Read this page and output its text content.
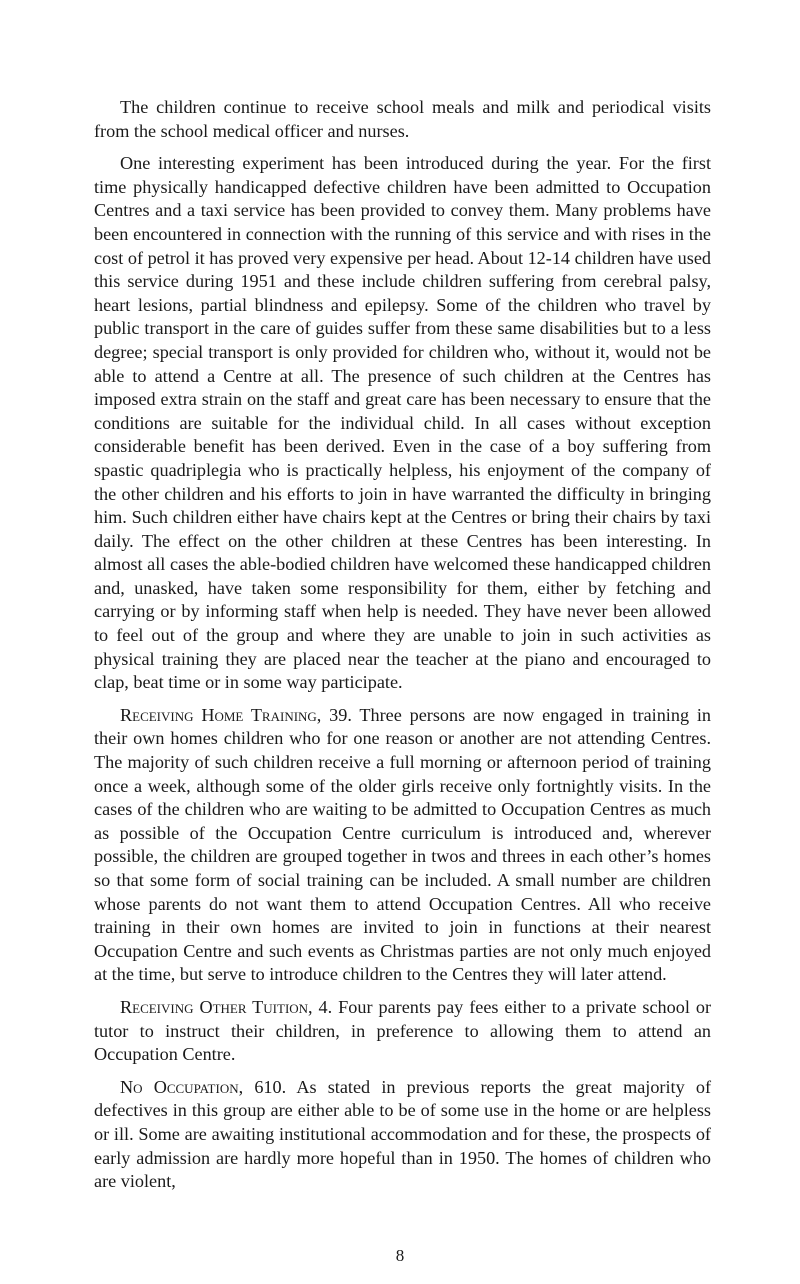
The children continue to receive school meals and milk and periodical visits from the school medical officer and nurses.

One interesting experiment has been introduced during the year. For the first time physically handicapped defective children have been admitted to Occupation Centres and a taxi service has been provided to convey them. Many problems have been encountered in connection with the running of this service and with rises in the cost of petrol it has proved very expensive per head. About 12-14 children have used this service during 1951 and these include children suffering from cerebral palsy, heart lesions, partial blindness and epilepsy. Some of the children who travel by public transport in the care of guides suffer from these same disabilities but to a less degree; special transport is only provided for children who, without it, would not be able to attend a Centre at all. The presence of such children at the Centres has imposed extra strain on the staff and great care has been necessary to ensure that the conditions are suitable for the individual child. In all cases without exception considerable benefit has been derived. Even in the case of a boy suffering from spastic quadriplegia who is practically helpless, his enjoyment of the company of the other children and his efforts to join in have warranted the difficulty in bringing him. Such children either have chairs kept at the Centres or bring their chairs by taxi daily. The effect on the other children at these Centres has been interesting. In almost all cases the able-bodied children have welcomed these handicapped children and, unasked, have taken some responsibility for them, either by fetching and carrying or by informing staff when help is needed. They have never been allowed to feel out of the group and where they are unable to join in such activities as physical training they are placed near the teacher at the piano and encouraged to clap, beat time or in some way participate.

Receiving Home Training, 39. Three persons are now engaged in training in their own homes children who for one reason or another are not attending Centres. The majority of such children receive a full morning or afternoon period of training once a week, although some of the older girls receive only fortnightly visits. In the cases of the children who are waiting to be admitted to Occupation Centres as much as possible of the Occupation Centre curriculum is introduced and, wherever possible, the children are grouped together in twos and threes in each other’s homes so that some form of social training can be included. A small number are children whose parents do not want them to attend Occupation Centres. All who receive training in their own homes are invited to join in functions at their nearest Occupation Centre and such events as Christmas parties are not only much enjoyed at the time, but serve to introduce children to the Centres they will later attend.

Receiving Other Tuition, 4. Four parents pay fees either to a private school or tutor to instruct their children, in preference to allowing them to attend an Occupation Centre.

No Occupation, 610. As stated in previous reports the great majority of defectives in this group are either able to be of some use in the home or are helpless or ill. Some are awaiting institutional accommodation and for these, the prospects of early admission are hardly more hopeful than in 1950. The homes of children who are violent,

8
